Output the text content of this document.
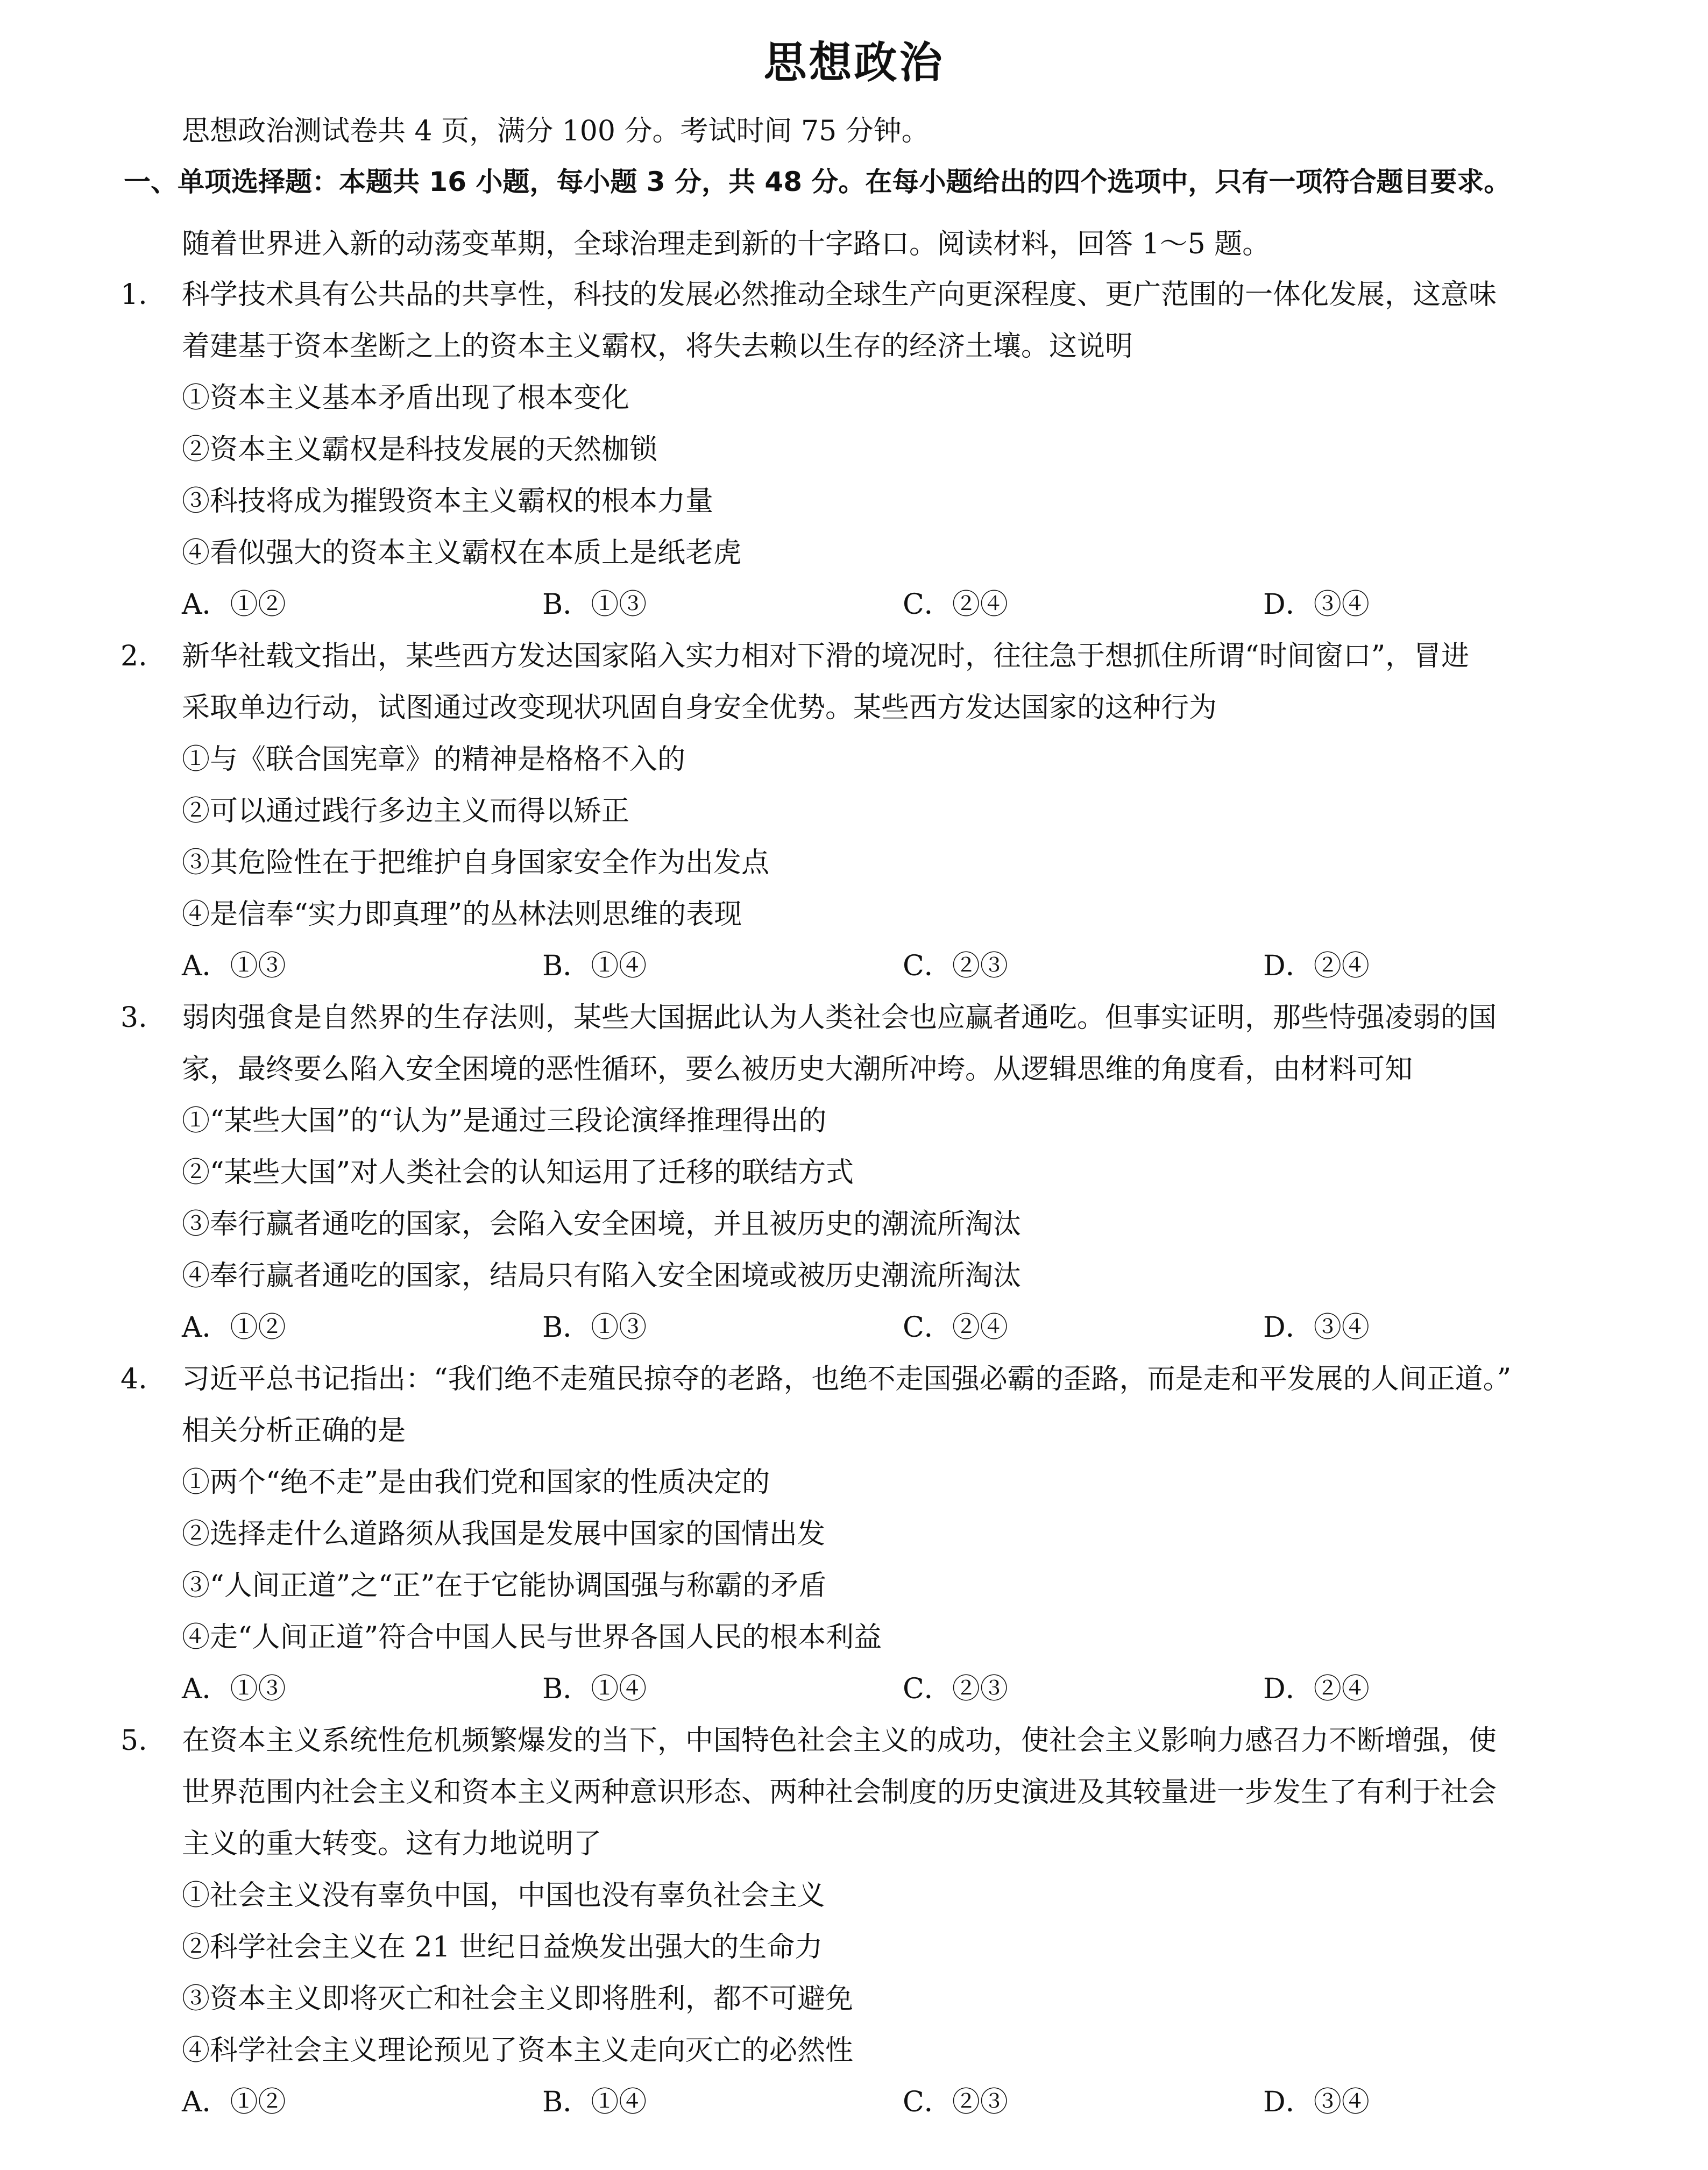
思想政治
思想政治测试卷共 4 页，满分 100 分。考试时间 75 分钟。
一、单项选择题：本题共 16 小题，每小题 3 分，共 48 分。在每小题给出的四个选项中，只有一项符合题目要求。
随着世界进入新的动荡变革期，全球治理走到新的十字路口。阅读材料，回答 1～5 题。
1. 科学技术具有公共品的共享性，科技的发展必然推动全球生产向更深程度、更广范围的一体化发展，这意味
着建基于资本垄断之上的资本主义霸权，将失去赖以生存的经济土壤。这说明
①资本主义基本矛盾出现了根本变化
②资本主义霸权是科技发展的天然枷锁
③科技将成为摧毁资本主义霸权的根本力量
④看似强大的资本主义霸权在本质上是纸老虎
A．①②	B．①③	C．②④	D．③④
2. 新华社载文指出，某些西方发达国家陷入实力相对下滑的境况时，往往急于想抓住所谓“时间窗口”，冒进
采取单边行动，试图通过改变现状巩固自身安全优势。某些西方发达国家的这种行为
①与《联合国宪章》的精神是格格不入的
②可以通过践行多边主义而得以矫正
③其危险性在于把维护自身国家安全作为出发点
④是信奉“实力即真理”的丛林法则思维的表现
A．①③	B．①④	C．②③	D．②④
3. 弱肉强食是自然界的生存法则，某些大国据此认为人类社会也应赢者通吃。但事实证明，那些恃强凌弱的国
家，最终要么陷入安全困境的恶性循环，要么被历史大潮所冲垮。从逻辑思维的角度看，由材料可知
①“某些大国”的“认为”是通过三段论演绎推理得出的
②“某些大国”对人类社会的认知运用了迁移的联结方式
③奉行赢者通吃的国家，会陷入安全困境，并且被历史的潮流所淘汰
④奉行赢者通吃的国家，结局只有陷入安全困境或被历史潮流所淘汰
A．①②	B．①③	C．②④	D．③④
4. 习近平总书记指出：“我们绝不走殖民掠夺的老路，也绝不走国强必霸的歪路，而是走和平发展的人间正道。”
相关分析正确的是
①两个“绝不走”是由我们党和国家的性质决定的
②选择走什么道路须从我国是发展中国家的国情出发
③“人间正道”之“正”在于它能协调国强与称霸的矛盾
④走“人间正道”符合中国人民与世界各国人民的根本利益
A．①③	B．①④	C．②③	D．②④
5. 在资本主义系统性危机频繁爆发的当下，中国特色社会主义的成功，使社会主义影响力感召力不断增强，使
世界范围内社会主义和资本主义两种意识形态、两种社会制度的历史演进及其较量进一步发生了有利于社会
主义的重大转变。这有力地说明了
①社会主义没有辜负中国，中国也没有辜负社会主义
②科学社会主义在 21 世纪日益焕发出强大的生命力
③资本主义即将灭亡和社会主义即将胜利，都不可避免
④科学社会主义理论预见了资本主义走向灭亡的必然性
A．①②	B．①④	C．②③	D．③④
